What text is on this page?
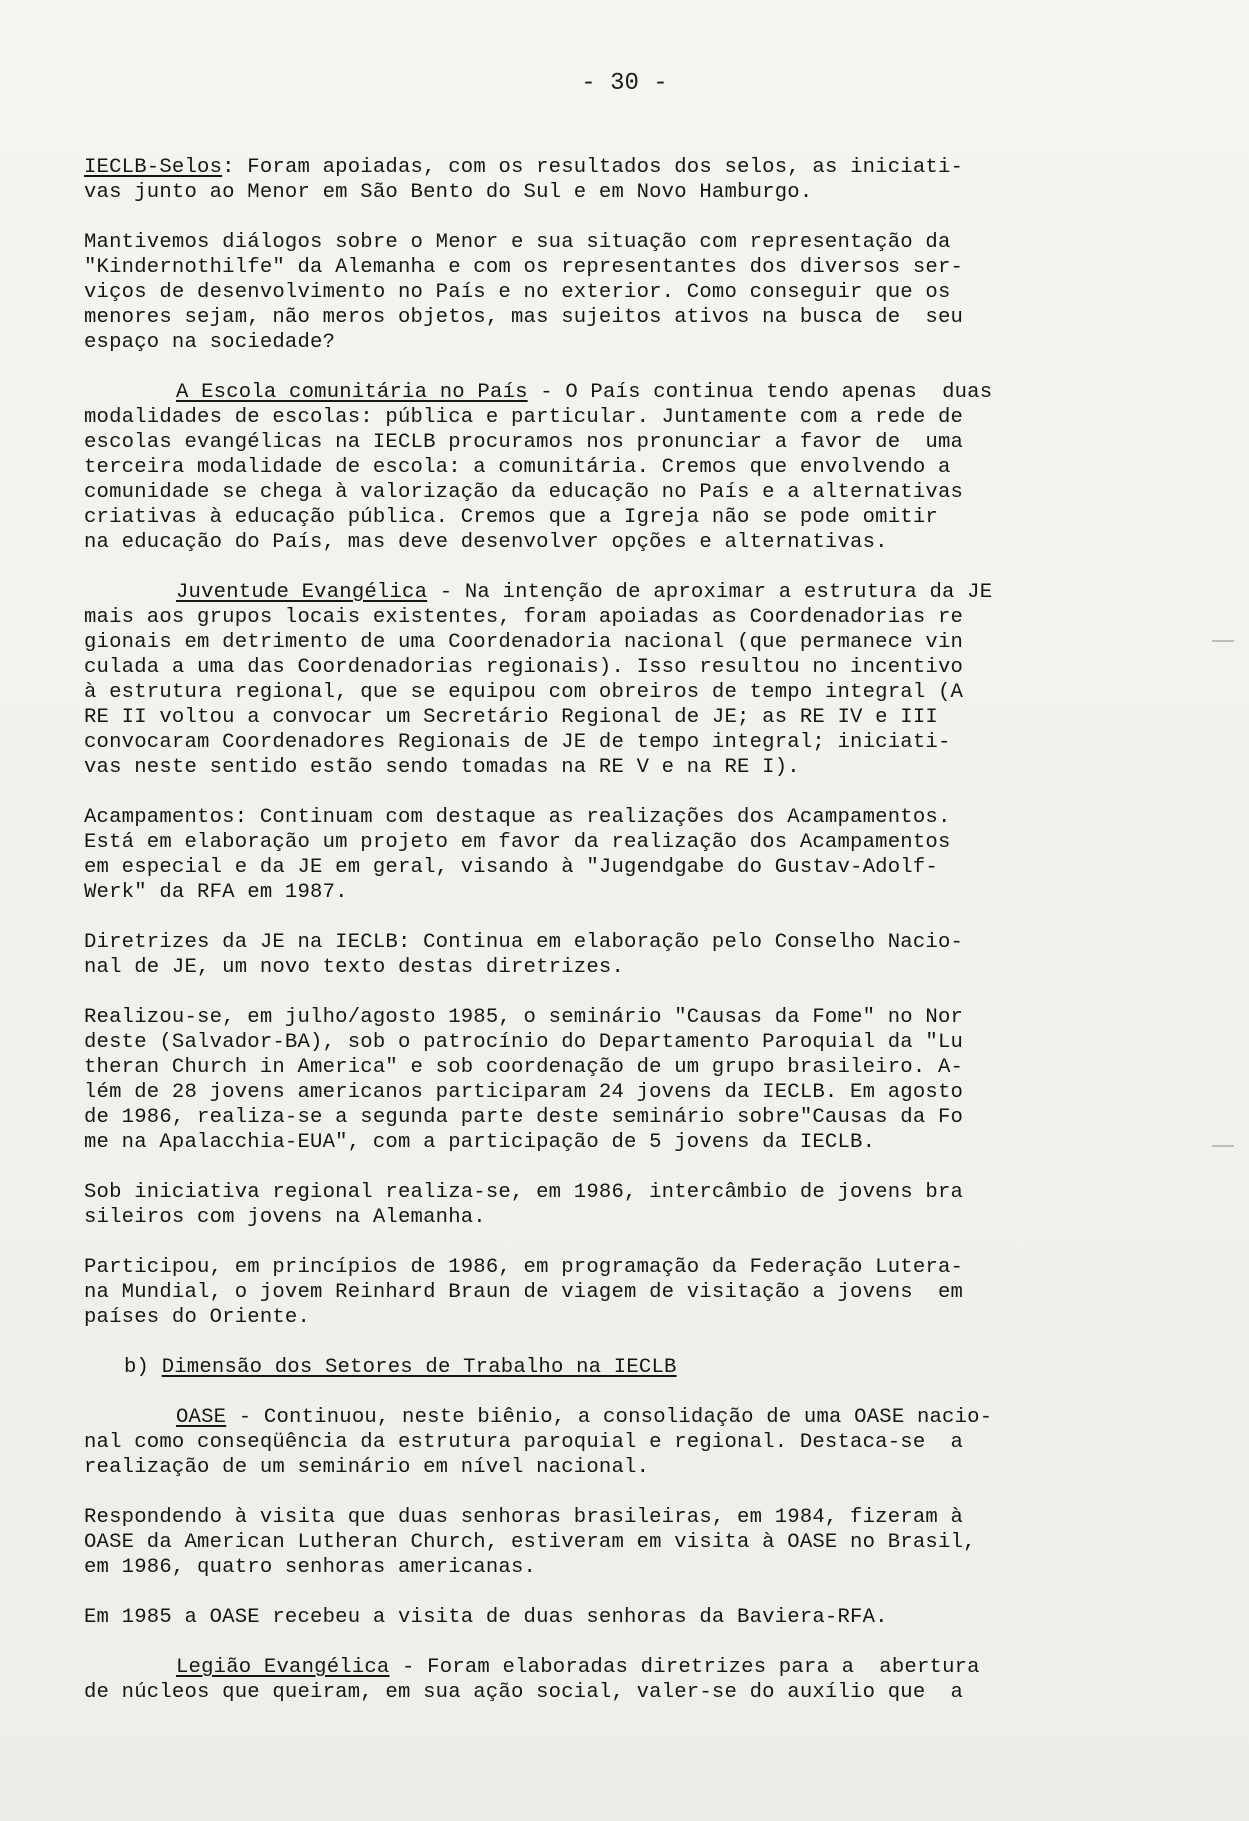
- 30 -
IECLB-Selos: Foram apoiadas, com os resultados dos selos, as iniciati-
vas junto ao Menor em São Bento do Sul e em Novo Hamburgo.
Mantivemos diálogos sobre o Menor e sua situação com representação da
"Kindernothilfe" da Alemanha e com os representantes dos diversos ser-
viços de desenvolvimento no País e no exterior. Como conseguir que os
menores sejam, não meros objetos, mas sujeitos ativos na busca de  seu
espaço na sociedade?
A Escola comunitária no País - O País continua tendo apenas  duas
modalidades de escolas: pública e particular. Juntamente com a rede de
escolas evangélicas na IECLB procuramos nos pronunciar a favor de  uma
terceira modalidade de escola: a comunitária. Cremos que envolvendo a
comunidade se chega à valorização da educação no País e a alternativas
criativas à educação pública. Cremos que a Igreja não se pode omitir
na educação do País, mas deve desenvolver opções e alternativas.
Juventude Evangélica - Na intenção de aproximar a estrutura da JE
mais aos grupos locais existentes, foram apoiadas as Coordenadorias re
gionais em detrimento de uma Coordenadoria nacional (que permanece vin
culada a uma das Coordenadorias regionais). Isso resultou no incentivo
à estrutura regional, que se equipou com obreiros de tempo integral (A
RE II voltou a convocar um Secretário Regional de JE; as RE IV e III
convocaram Coordenadores Regionais de JE de tempo integral; iniciati-
vas neste sentido estão sendo tomadas na RE V e na RE I).
Acampamentos: Continuam com destaque as realizações dos Acampamentos.
Está em elaboração um projeto em favor da realização dos Acampamentos
em especial e da JE em geral, visando à "Jugendgabe do Gustav-Adolf-
Werk" da RFA em 1987.
Diretrizes da JE na IECLB: Continua em elaboração pelo Conselho Nacio-
nal de JE, um novo texto destas diretrizes.
Realizou-se, em julho/agosto 1985, o seminário "Causas da Fome" no Nor
deste (Salvador-BA), sob o patrocínio do Departamento Paroquial da "Lu
theran Church in America" e sob coordenação de um grupo brasileiro. A-
lém de 28 jovens americanos participaram 24 jovens da IECLB. Em agosto
de 1986, realiza-se a segunda parte deste seminário sobre"Causas da Fo
me na Apalacchia-EUA", com a participação de 5 jovens da IECLB.
Sob iniciativa regional realiza-se, em 1986, intercâmbio de jovens bra
sileiros com jovens na Alemanha.
Participou, em princípios de 1986, em programação da Federação Lutera-
na Mundial, o jovem Reinhard Braun de viagem de visitação a jovens  em
países do Oriente.
b) Dimensão dos Setores de Trabalho na IECLB
OASE - Continuou, neste biênio, a consolidação de uma OASE nacio-
nal como conseqüência da estrutura paroquial e regional. Destaca-se  a
realização de um seminário em nível nacional.
Respondendo à visita que duas senhoras brasileiras, em 1984, fizeram à
OASE da American Lutheran Church, estiveram em visita à OASE no Brasil,
em 1986, quatro senhoras americanas.
Em 1985 a OASE recebeu a visita de duas senhoras da Baviera-RFA.
Legião Evangélica - Foram elaboradas diretrizes para a  abertura
de núcleos que queiram, em sua ação social, valer-se do auxílio que  a
